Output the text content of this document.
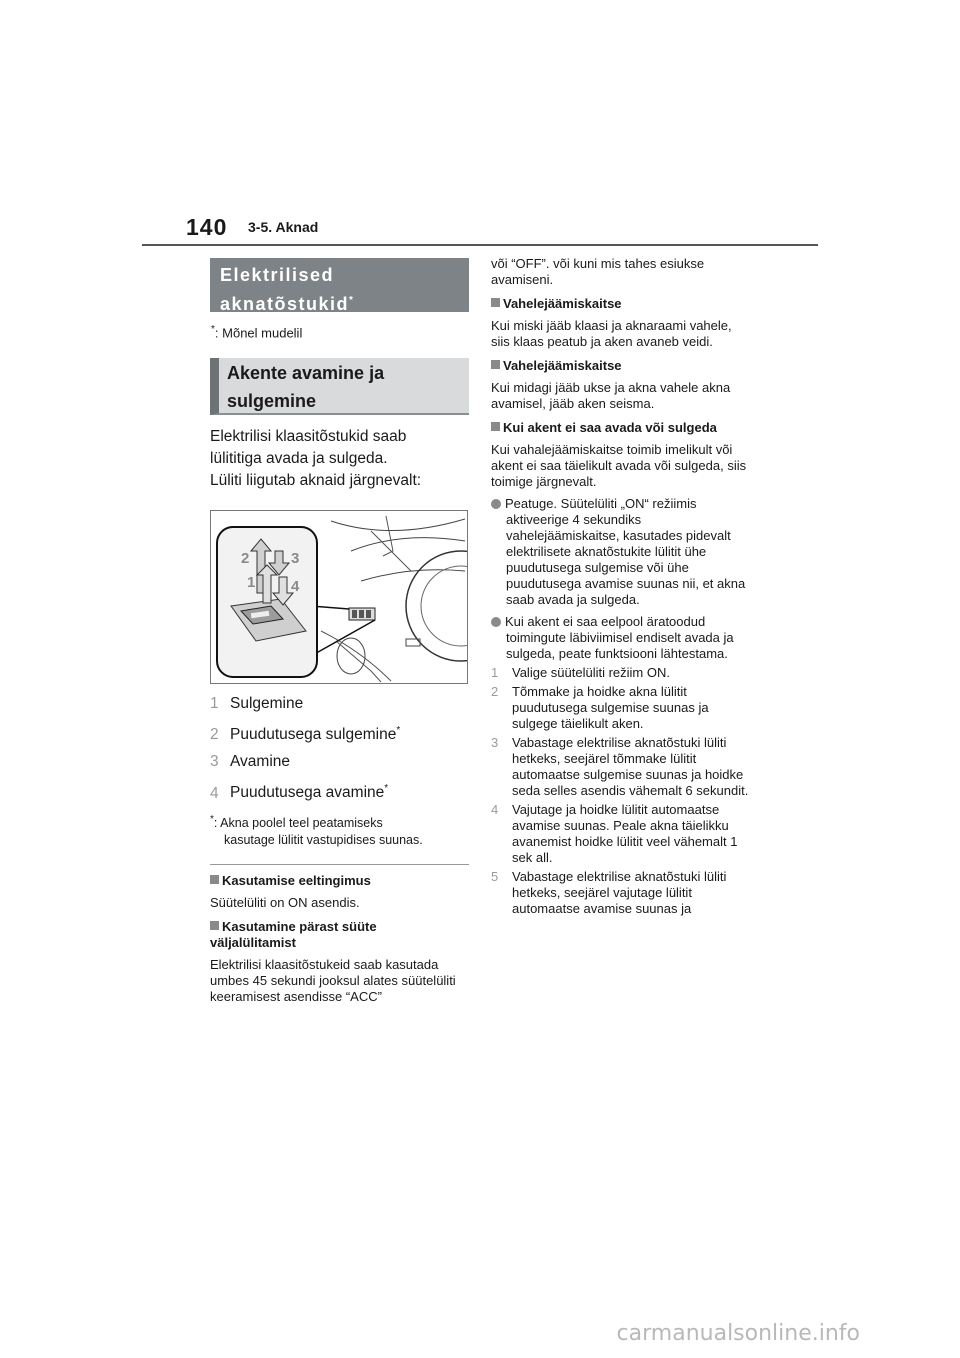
140 3-5. Aknad
Elektrilised
aknatõstukid*
*: Mõnel mudelil
Akente avamine ja
sulgemine

Elektrilisi klaasitõstukid saab

lülititiga avada ja sulgeda.

Lüliti liigutab aknaid järgnevalt:

2	3
1 4
1 Sulgemine
2 Puudutusega sulgemine*
3 Avamine
4 Puudutusega avamine*
*: Akna poolel teel peatamiseks
kasutage lülitit vastupidises suunas.
Kasutamise eeltingimus
Süütelüliti on ON asendis.
Kasutamine pärast süüte
väljalülitamist
Elektrilisi klaasitõstukeid saab kasutada umbes 45 sekundi jooksul alates süütelüliti keeramisest asendisse “ACC”
või “OFF”. või kuni mis tahes esiukse avamiseni.
Vahelejäämiskaitse
Kui miski jääb klaasi ja aknaraami vahele, siis klaas peatub ja aken avaneb veidi.
Vahelejäämiskaitse
Kui midagi jääb ukse ja akna vahele akna avamisel, jääb aken seisma.
Kui akent ei saa avada või sulgeda
Kui vahalejäämiskaitse toimib imelikult või akent ei saa täielikult avada või sulgeda, siis toimige järgnevalt.
Peatuge. Süütelüliti „ON“ režiimis aktiveerige 4 sekundiks vahelejäämiskaitse, kasutades pidevalt elektrilisete aknatõstukite lülitit ühe puudutusega sulgemise või ühe puudutusega avamise suunas nii, et akna saab avada ja sulgeda.
Kui akent ei saa eelpool äratoodud toimingute läbiviimisel endiselt avada ja sulgeda, peate funktsiooni lähtestama.
1 Valige süütelüliti režiim ON.
2 Tõmmake ja hoidke akna lülitit puudutusega sulgemise suunas ja sulgege täielikult aken.
3 Vabastage elektrilise aknatõstuki lüliti hetkeks, seejärel tõmmake lülitit automaatse sulgemise suunas ja hoidke seda selles asendis vähemalt 6 sekundit.
4 Vajutage ja hoidke lülitit automaatse avamise suunas. Peale akna täielikku avanemist hoidke lülitit veel vähemalt 1 sek all.
5 Vabastage elektrilise aknatõstuki lüliti hetkeks, seejärel vajutage lülitit automaatse avamise suunas ja
carmanualsonline.info
